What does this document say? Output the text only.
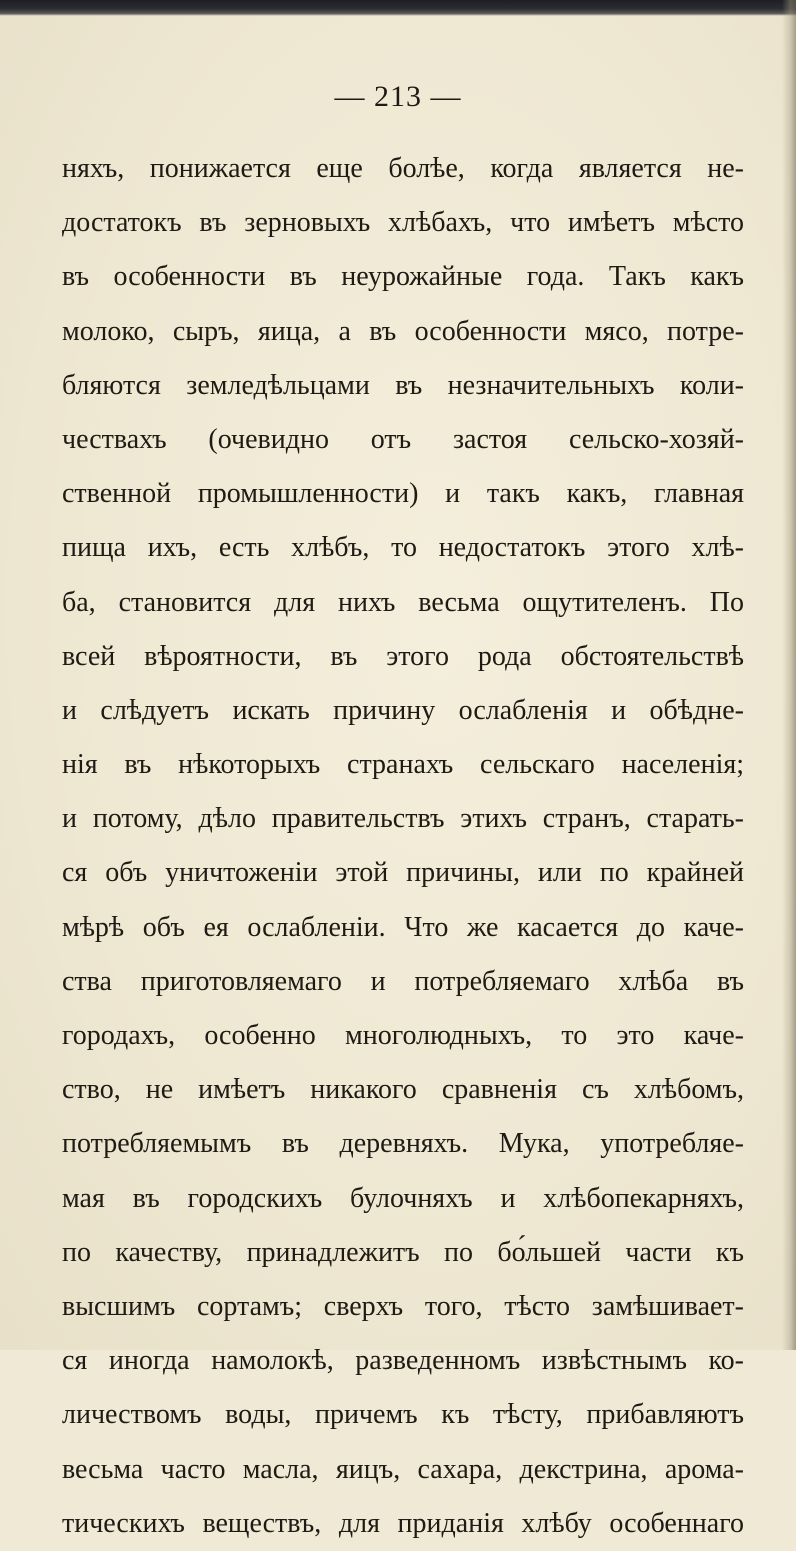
— 213 —
няхъ, понижается еще болѣе, когда является не-
достатокъ въ зерновыхъ хлѣбахъ, что имѣетъ мѣсто
въ особенности въ неурожайные года. Такъ какъ
молоко, сыръ, яица, а въ особенности мясо, потре-
бляются земледѣльцами въ незначительныхъ коли-
чествахъ (очевидно отъ застоя сельско-хозяй-
ственной промышленности) и такъ какъ, главная
пища ихъ, есть хлѣбъ, то недостатокъ этого хлѣ-
ба, становится для нихъ весьма ощутителенъ. По
всей вѣроятности, въ этого рода обстоятельствѣ
и слѣдуетъ искать причину ослабленія и обѣдне-
нія въ нѣкоторыхъ странахъ сельскаго населенія;
и потому, дѣло правительствъ этихъ странъ, старать-
ся объ уничтоженіи этой причины, или по крайней
мѣрѣ объ ея ослабленіи. Что же касается до каче-
ства приготовляемаго и потребляемаго хлѣба въ
городахъ, особенно многолюдныхъ, то это каче-
ство, не имѣетъ никакого сравненія съ хлѣбомъ,
потребляемымъ въ деревняхъ. Мука, употребляе-
мая въ городскихъ булочняхъ и хлѣбопекарняхъ,
по качеству, принадлежитъ по бо́льшей части къ
высшимъ сортамъ; сверхъ того, тѣсто замѣшивает-
ся иногда намолокѣ, разведенномъ извѣстнымъ ко-
личествомъ воды, причемъ къ тѣсту, прибавляютъ
весьма часто масла, яицъ, сахара, декстрина, арома-
тическихъ веществъ, для приданія хлѣбу особеннаго
